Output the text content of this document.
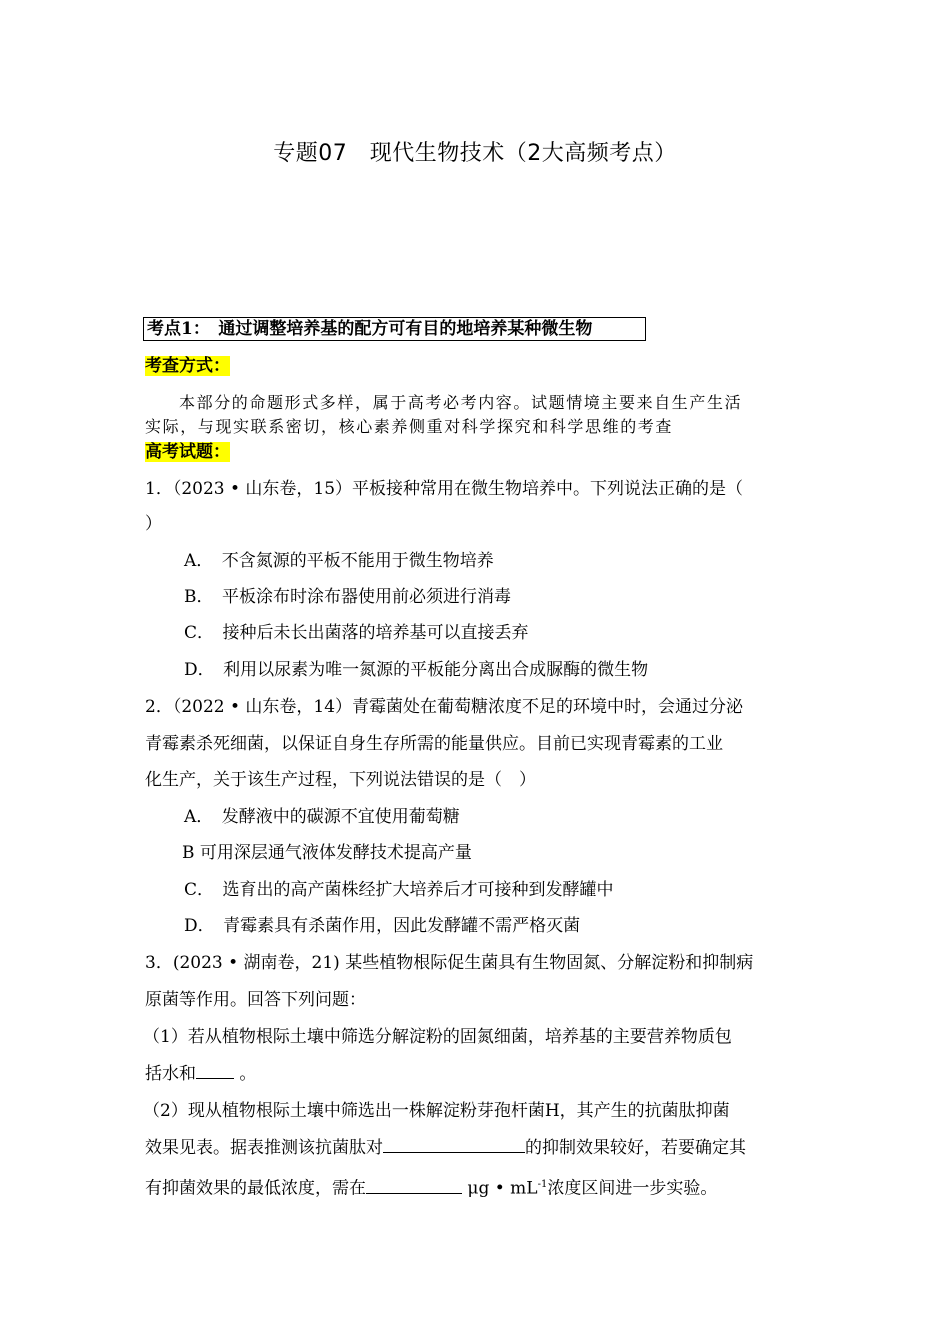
专题07　现代生物技术（2大高频考点）
考点1：　通过调整培养基的配方可有目的地培养某种微生物
考查方式：
本部分的命题形式多样，属于高考必考内容。试题情境主要来自生产生活
实际，与现实联系密切，核心素养侧重对科学探究和科学思维的考查
高考试题：
1．（2023 • 山东卷，15）平板接种常用在微生物培养中。下列说法正确的是（
）
A．　不含氮源的平板不能用于微生物培养
B．　平板涂布时涂布器使用前必须进行消毒
C．　接种后未长出菌落的培养基可以直接丢弃
D．　利用以尿素为唯一氮源的平板能分离出合成脲酶的微生物
2．（2022 • 山东卷，14）青霉菌处在葡萄糖浓度不足的环境中时，会通过分泌
青霉素杀死细菌，以保证自身生存所需的能量供应。目前已实现青霉素的工业
化生产，关于该生产过程，下列说法错误的是（　）
A．　发酵液中的碳源不宜使用葡萄糖
B 可用深层通气液体发酵技术提高产量
C．　选育出的高产菌株经扩大培养后才可接种到发酵罐中
D．　青霉素具有杀菌作用，因此发酵罐不需严格灭菌
3．(2023 • 湖南卷，21) 某些植物根际促生菌具有生物固氮、分解淀粉和抑制病
原菌等作用。回答下列问题：
（1）若从植物根际土壤中筛选分解淀粉的固氮细菌，培养基的主要营养物质包
括水和 。
（2）现从植物根际土壤中筛选出一株解淀粉芽孢杆菌H，其产生的抗菌肽抑菌
效果见表。据表推测该抗菌肽对	的抑制效果较好，若要确定其
有抑菌效果的最低浓度，需在	μg • $mL^{-1}$浓度区间进一步实验。
